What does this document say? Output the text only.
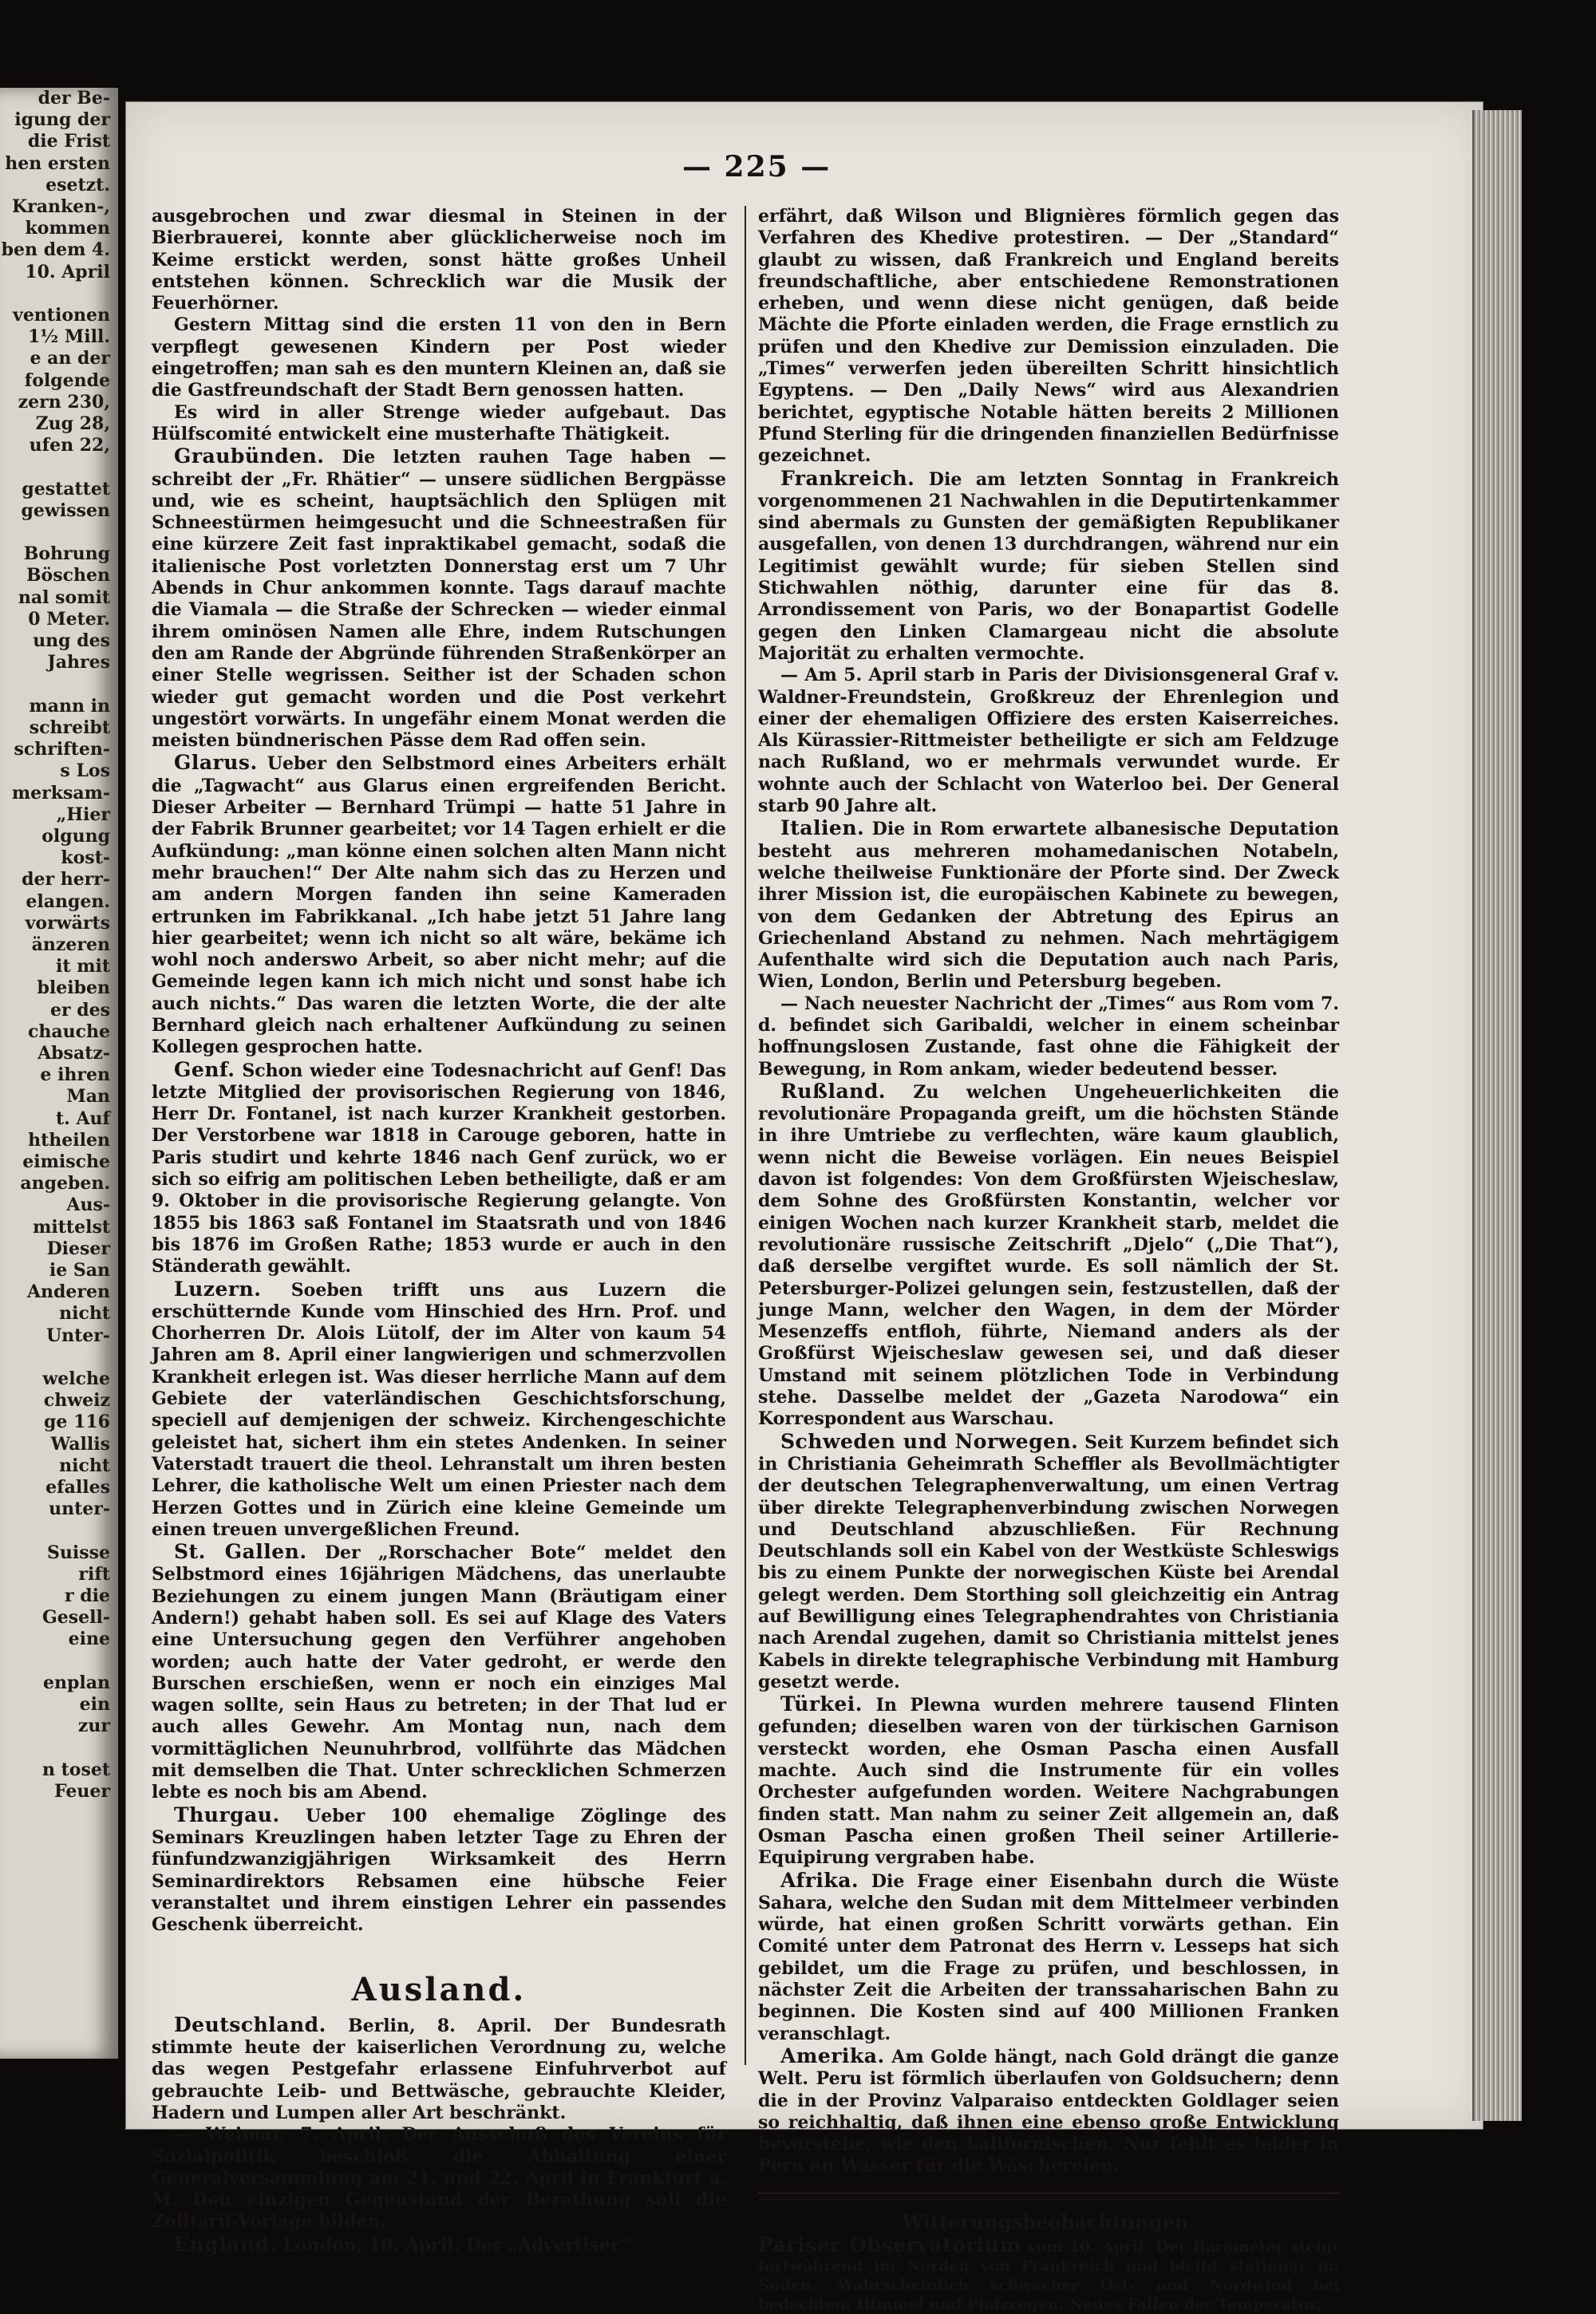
der Be-
igung der
die Frist
hen ersten
esetzt.
Kranken-,
kommen
ben dem 4.
10. April

ventionen
1½ Mill.
e an der
folgende
zern 230,
Zug 28,
ufen 22,

gestattet
gewissen

Bohrung
Böschen
nal somit
0 Meter.
ung des
Jahres

mann in
schreibt
schriften-
s Los
merksam-
„Hier
olgung
kost-
der herr-
elangen.
vorwärts
änzeren
it mit
bleiben
er des
chauche
Absatz-
e ihren
Man
t. Auf
htheilen
eimische
angeben.
Aus-
mittelst
Dieser
ie San
Anderen
nicht
Unter-

welche
chweiz
ge 116
Wallis
nicht
efalles
unter-

Suisse
rift
r die
Gesell-
eine

enplan
ein
zur

n toset
Feuer
— 225 —

ausgebrochen und zwar diesmal in Steinen in der Bierbrauerei, konnte aber glücklicherweise noch im Keime erstickt werden, sonst hätte großes Unheil entstehen können. Schrecklich war die Musik der Feuerhörner.

Gestern Mittag sind die ersten 11 von den in Bern verpflegt gewesenen Kindern per Post wieder eingetroffen; man sah es den muntern Kleinen an, daß sie die Gastfreundschaft der Stadt Bern genossen hatten.

Es wird in aller Strenge wieder aufgebaut. Das Hülfscomité entwickelt eine musterhafte Thätigkeit.

Graubünden. Die letzten rauhen Tage haben — schreibt der „Fr. Rhätier“ — unsere südlichen Bergpässe und, wie es scheint, hauptsächlich den Splügen mit Schneestürmen heimgesucht und die Schneestraßen für eine kürzere Zeit fast inpraktikabel gemacht, sodaß die italienische Post vorletzten Donnerstag erst um 7 Uhr Abends in Chur ankommen konnte. Tags darauf machte die Viamala — die Straße der Schrecken — wieder einmal ihrem ominösen Namen alle Ehre, indem Rutschungen den am Rande der Abgründe führenden Straßenkörper an einer Stelle wegrissen. Seither ist der Schaden schon wieder gut gemacht worden und die Post verkehrt ungestört vorwärts. In ungefähr einem Monat werden die meisten bündnerischen Pässe dem Rad offen sein.

Glarus. Ueber den Selbstmord eines Arbeiters erhält die „Tagwacht“ aus Glarus einen ergreifenden Bericht. Dieser Arbeiter — Bernhard Trümpi — hatte 51 Jahre in der Fabrik Brunner gearbeitet; vor 14 Tagen erhielt er die Aufkündung: „man könne einen solchen alten Mann nicht mehr brauchen!“ Der Alte nahm sich das zu Herzen und am andern Morgen fanden ihn seine Kameraden ertrunken im Fabrikkanal. „Ich habe jetzt 51 Jahre lang hier gearbeitet; wenn ich nicht so alt wäre, bekäme ich wohl noch anderswo Arbeit, so aber nicht mehr; auf die Gemeinde legen kann ich mich nicht und sonst habe ich auch nichts.“ Das waren die letzten Worte, die der alte Bernhard gleich nach erhaltener Aufkündung zu seinen Kollegen gesprochen hatte.

Genf. Schon wieder eine Todesnachricht auf Genf! Das letzte Mitglied der provisorischen Regierung von 1846, Herr Dr. Fontanel, ist nach kurzer Krankheit gestorben. Der Verstorbene war 1818 in Carouge geboren, hatte in Paris studirt und kehrte 1846 nach Genf zurück, wo er sich so eifrig am politischen Leben betheiligte, daß er am 9. Oktober in die provisorische Regierung gelangte. Von 1855 bis 1863 saß Fontanel im Staatsrath und von 1846 bis 1876 im Großen Rathe; 1853 wurde er auch in den Ständerath gewählt.

Luzern. Soeben trifft uns aus Luzern die erschütternde Kunde vom Hinschied des Hrn. Prof. und Chorherren Dr. Alois Lütolf, der im Alter von kaum 54 Jahren am 8. April einer langwierigen und schmerzvollen Krankheit erlegen ist. Was dieser herrliche Mann auf dem Gebiete der vaterländischen Geschichtsforschung, speciell auf demjenigen der schweiz. Kirchengeschichte geleistet hat, sichert ihm ein stetes Andenken. In seiner Vaterstadt trauert die theol. Lehranstalt um ihren besten Lehrer, die katholische Welt um einen Priester nach dem Herzen Gottes und in Zürich eine kleine Gemeinde um einen treuen unvergeßlichen Freund.

St. Gallen. Der „Rorschacher Bote“ meldet den Selbstmord eines 16jährigen Mädchens, das unerlaubte Beziehungen zu einem jungen Mann (Bräutigam einer Andern!) gehabt haben soll. Es sei auf Klage des Vaters eine Untersuchung gegen den Verführer angehoben worden; auch hatte der Vater gedroht, er werde den Burschen erschießen, wenn er noch ein einziges Mal wagen sollte, sein Haus zu betreten; in der That lud er auch alles Gewehr. Am Montag nun, nach dem vormittäglichen Neunuhrbrod, vollführte das Mädchen mit demselben die That. Unter schrecklichen Schmerzen lebte es noch bis am Abend.

Thurgau. Ueber 100 ehemalige Zöglinge des Seminars Kreuzlingen haben letzter Tage zu Ehren der fünfundzwanzigjährigen Wirksamkeit des Herrn Seminardirektors Rebsamen eine hübsche Feier veranstaltet und ihrem einstigen Lehrer ein passendes Geschenk überreicht.

Ausland.

Deutschland. Berlin, 8. April. Der Bundesrath stimmte heute der kaiserlichen Verordnung zu, welche das wegen Pestgefahr erlassene Einfuhrverbot auf gebrauchte Leib- und Bettwäsche, gebrauchte Kleider, Hadern und Lumpen aller Art beschränkt.

— Weimar, 7. April. Der Ausschuß des Vereins für Sozialpolitik beschloß die Abhaltung einer Generalversammlung am 21. und 22. April in Frankfurt a. M. Den einzigen Gegenstand der Berathung soll die Zolltarif-Vorlage bilden.

England. London, 10. April. Der „Advertiser“

erfährt, daß Wilson und Blignières förmlich gegen das Verfahren des Khedive protestiren. — Der „Standard“ glaubt zu wissen, daß Frankreich und England bereits freundschaftliche, aber entschiedene Remonstrationen erheben, und wenn diese nicht genügen, daß beide Mächte die Pforte einladen werden, die Frage ernstlich zu prüfen und den Khedive zur Demission einzuladen. Die „Times“ verwerfen jeden übereilten Schritt hinsichtlich Egyptens. — Den „Daily News“ wird aus Alexandrien berichtet, egyptische Notable hätten bereits 2 Millionen Pfund Sterling für die dringenden finanziellen Bedürfnisse gezeichnet.

Frankreich. Die am letzten Sonntag in Frankreich vorgenommenen 21 Nachwahlen in die Deputirtenkammer sind abermals zu Gunsten der gemäßigten Republikaner ausgefallen, von denen 13 durchdrangen, während nur ein Legitimist gewählt wurde; für sieben Stellen sind Stichwahlen nöthig, darunter eine für das 8. Arrondissement von Paris, wo der Bonapartist Godelle gegen den Linken Clamargeau nicht die absolute Majorität zu erhalten vermochte.

— Am 5. April starb in Paris der Divisionsgeneral Graf v. Waldner-Freundstein, Großkreuz der Ehrenlegion und einer der ehemaligen Offiziere des ersten Kaiserreiches. Als Kürassier-Rittmeister betheiligte er sich am Feldzuge nach Rußland, wo er mehrmals verwundet wurde. Er wohnte auch der Schlacht von Waterloo bei. Der General starb 90 Jahre alt.

Italien. Die in Rom erwartete albanesische Deputation besteht aus mehreren mohamedanischen Notabeln, welche theilweise Funktionäre der Pforte sind. Der Zweck ihrer Mission ist, die europäischen Kabinete zu bewegen, von dem Gedanken der Abtretung des Epirus an Griechenland Abstand zu nehmen. Nach mehrtägigem Aufenthalte wird sich die Deputation auch nach Paris, Wien, London, Berlin und Petersburg begeben.

— Nach neuester Nachricht der „Times“ aus Rom vom 7. d. befindet sich Garibaldi, welcher in einem scheinbar hoffnungslosen Zustande, fast ohne die Fähigkeit der Bewegung, in Rom ankam, wieder bedeutend besser.

Rußland. Zu welchen Ungeheuerlichkeiten die revolutionäre Propaganda greift, um die höchsten Stände in ihre Umtriebe zu verflechten, wäre kaum glaublich, wenn nicht die Beweise vorlägen. Ein neues Beispiel davon ist folgendes: Von dem Großfürsten Wjeischeslaw, dem Sohne des Großfürsten Konstantin, welcher vor einigen Wochen nach kurzer Krankheit starb, meldet die revolutionäre russische Zeitschrift „Djelo“ („Die That“), daß derselbe vergiftet wurde. Es soll nämlich der St. Petersburger-Polizei gelungen sein, festzustellen, daß der junge Mann, welcher den Wagen, in dem der Mörder Mesenzeffs entfloh, führte, Niemand anders als der Großfürst Wjeischeslaw gewesen sei, und daß dieser Umstand mit seinem plötzlichen Tode in Verbindung stehe. Dasselbe meldet der „Gazeta Narodowa“ ein Korrespondent aus Warschau.

Schweden und Norwegen. Seit Kurzem befindet sich in Christiania Geheimrath Scheffler als Bevollmächtigter der deutschen Telegraphenverwaltung, um einen Vertrag über direkte Telegraphenverbindung zwischen Norwegen und Deutschland abzuschließen. Für Rechnung Deutschlands soll ein Kabel von der Westküste Schleswigs bis zu einem Punkte der norwegischen Küste bei Arendal gelegt werden. Dem Storthing soll gleichzeitig ein Antrag auf Bewilligung eines Telegraphendrahtes von Christiania nach Arendal zugehen, damit so Christiania mittelst jenes Kabels in direkte telegraphische Verbindung mit Hamburg gesetzt werde.

Türkei. In Plewna wurden mehrere tausend Flinten gefunden; dieselben waren von der türkischen Garnison versteckt worden, ehe Osman Pascha einen Ausfall machte. Auch sind die Instrumente für ein volles Orchester aufgefunden worden. Weitere Nachgrabungen finden statt. Man nahm zu seiner Zeit allgemein an, daß Osman Pascha einen großen Theil seiner Artillerie-Equipirung vergraben habe.

Afrika. Die Frage einer Eisenbahn durch die Wüste Sahara, welche den Sudan mit dem Mittelmeer verbinden würde, hat einen großen Schritt vorwärts gethan. Ein Comité unter dem Patronat des Herrn v. Lesseps hat sich gebildet, um die Frage zu prüfen, und beschlossen, in nächster Zeit die Arbeiten der transsaharischen Bahn zu beginnen. Die Kosten sind auf 400 Millionen Franken veranschlagt.

Amerika. Am Golde hängt, nach Gold drängt die ganze Welt. Peru ist förmlich überlaufen von Goldsuchern; denn die in der Provinz Valparaiso entdeckten Goldlager seien so reichhaltig, daß ihnen eine ebenso große Entwicklung bevorstehe, wie den kalifornischen. Nur fehlt es leider in Peru an Wasser für die Wäschereien.

Witterungsbeobachtungen.

Pariser Observatorium vom 10. April. Der Barometer steigt fortwährend im Norden von Frankreich und bleibt stationär im Süden. Wahrscheinlich schwacher Ost- und Nordwind bei bedecktem Himmel und Platzregen. Neues Fallen der Temperatur.
